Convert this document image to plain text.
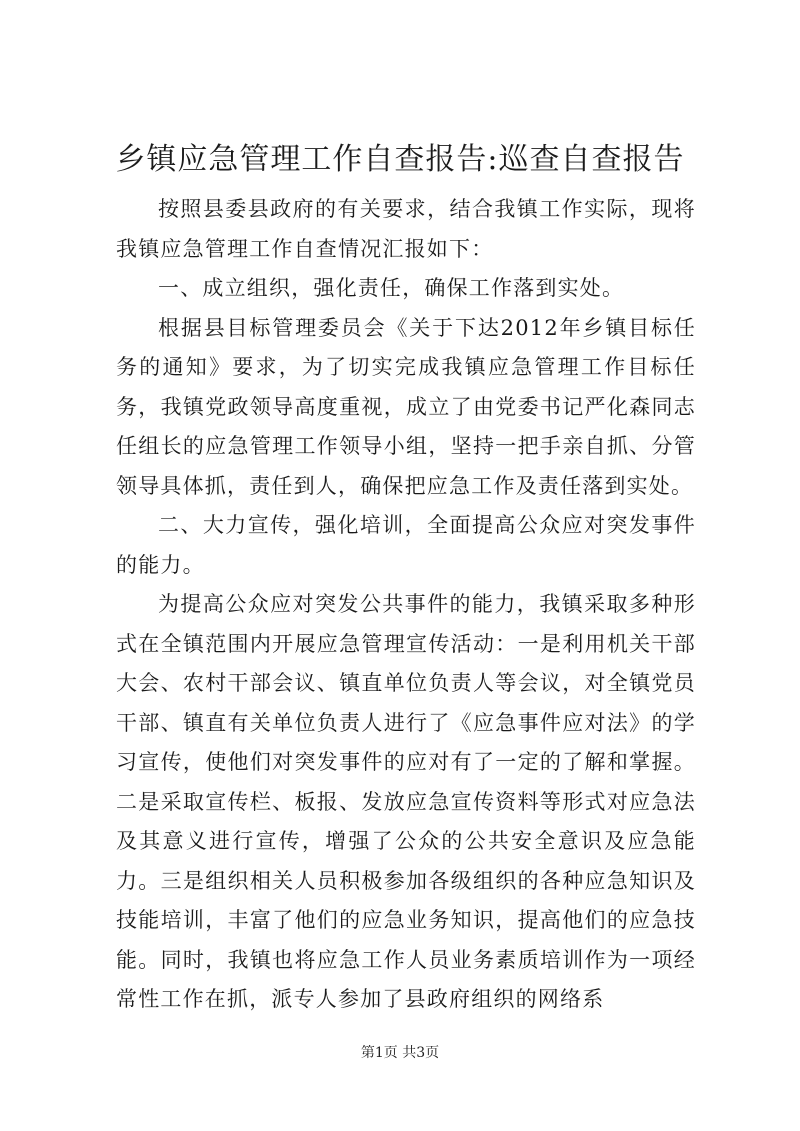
乡镇应急管理工作自查报告:巡查自查报告

按照县委县政府的有关要求，结合我镇工作实际，现将我镇应急管理工作自查情况汇报如下：

一、成立组织，强化责任，确保工作落到实处。

根据县目标管理委员会《关于下达2012年乡镇目标任务的通知》要求，为了切实完成我镇应急管理工作目标任务，我镇党政领导高度重视，成立了由党委书记严化森同志任组长的应急管理工作领导小组，坚持一把手亲自抓、分管领导具体抓，责任到人，确保把应急工作及责任落到实处。

二、大力宣传，强化培训，全面提高公众应对突发事件的能力。

为提高公众应对突发公共事件的能力，我镇采取多种形式在全镇范围内开展应急管理宣传活动：一是利用机关干部大会、农村干部会议、镇直单位负责人等会议，对全镇党员干部、镇直有关单位负责人进行了《应急事件应对法》的学习宣传，使他们对突发事件的应对有了一定的了解和掌握。二是采取宣传栏、板报、发放应急宣传资料等形式对应急法及其意义进行宣传，增强了公众的公共安全意识及应急能力。三是组织相关人员积极参加各级组织的各种应急知识及技能培训，丰富了他们的应急业务知识，提高他们的应急技能。同时，我镇也将应急工作人员业务素质培训作为一项经常性工作在抓，派专人参加了县政府组织的网络系

第1页 共3页
